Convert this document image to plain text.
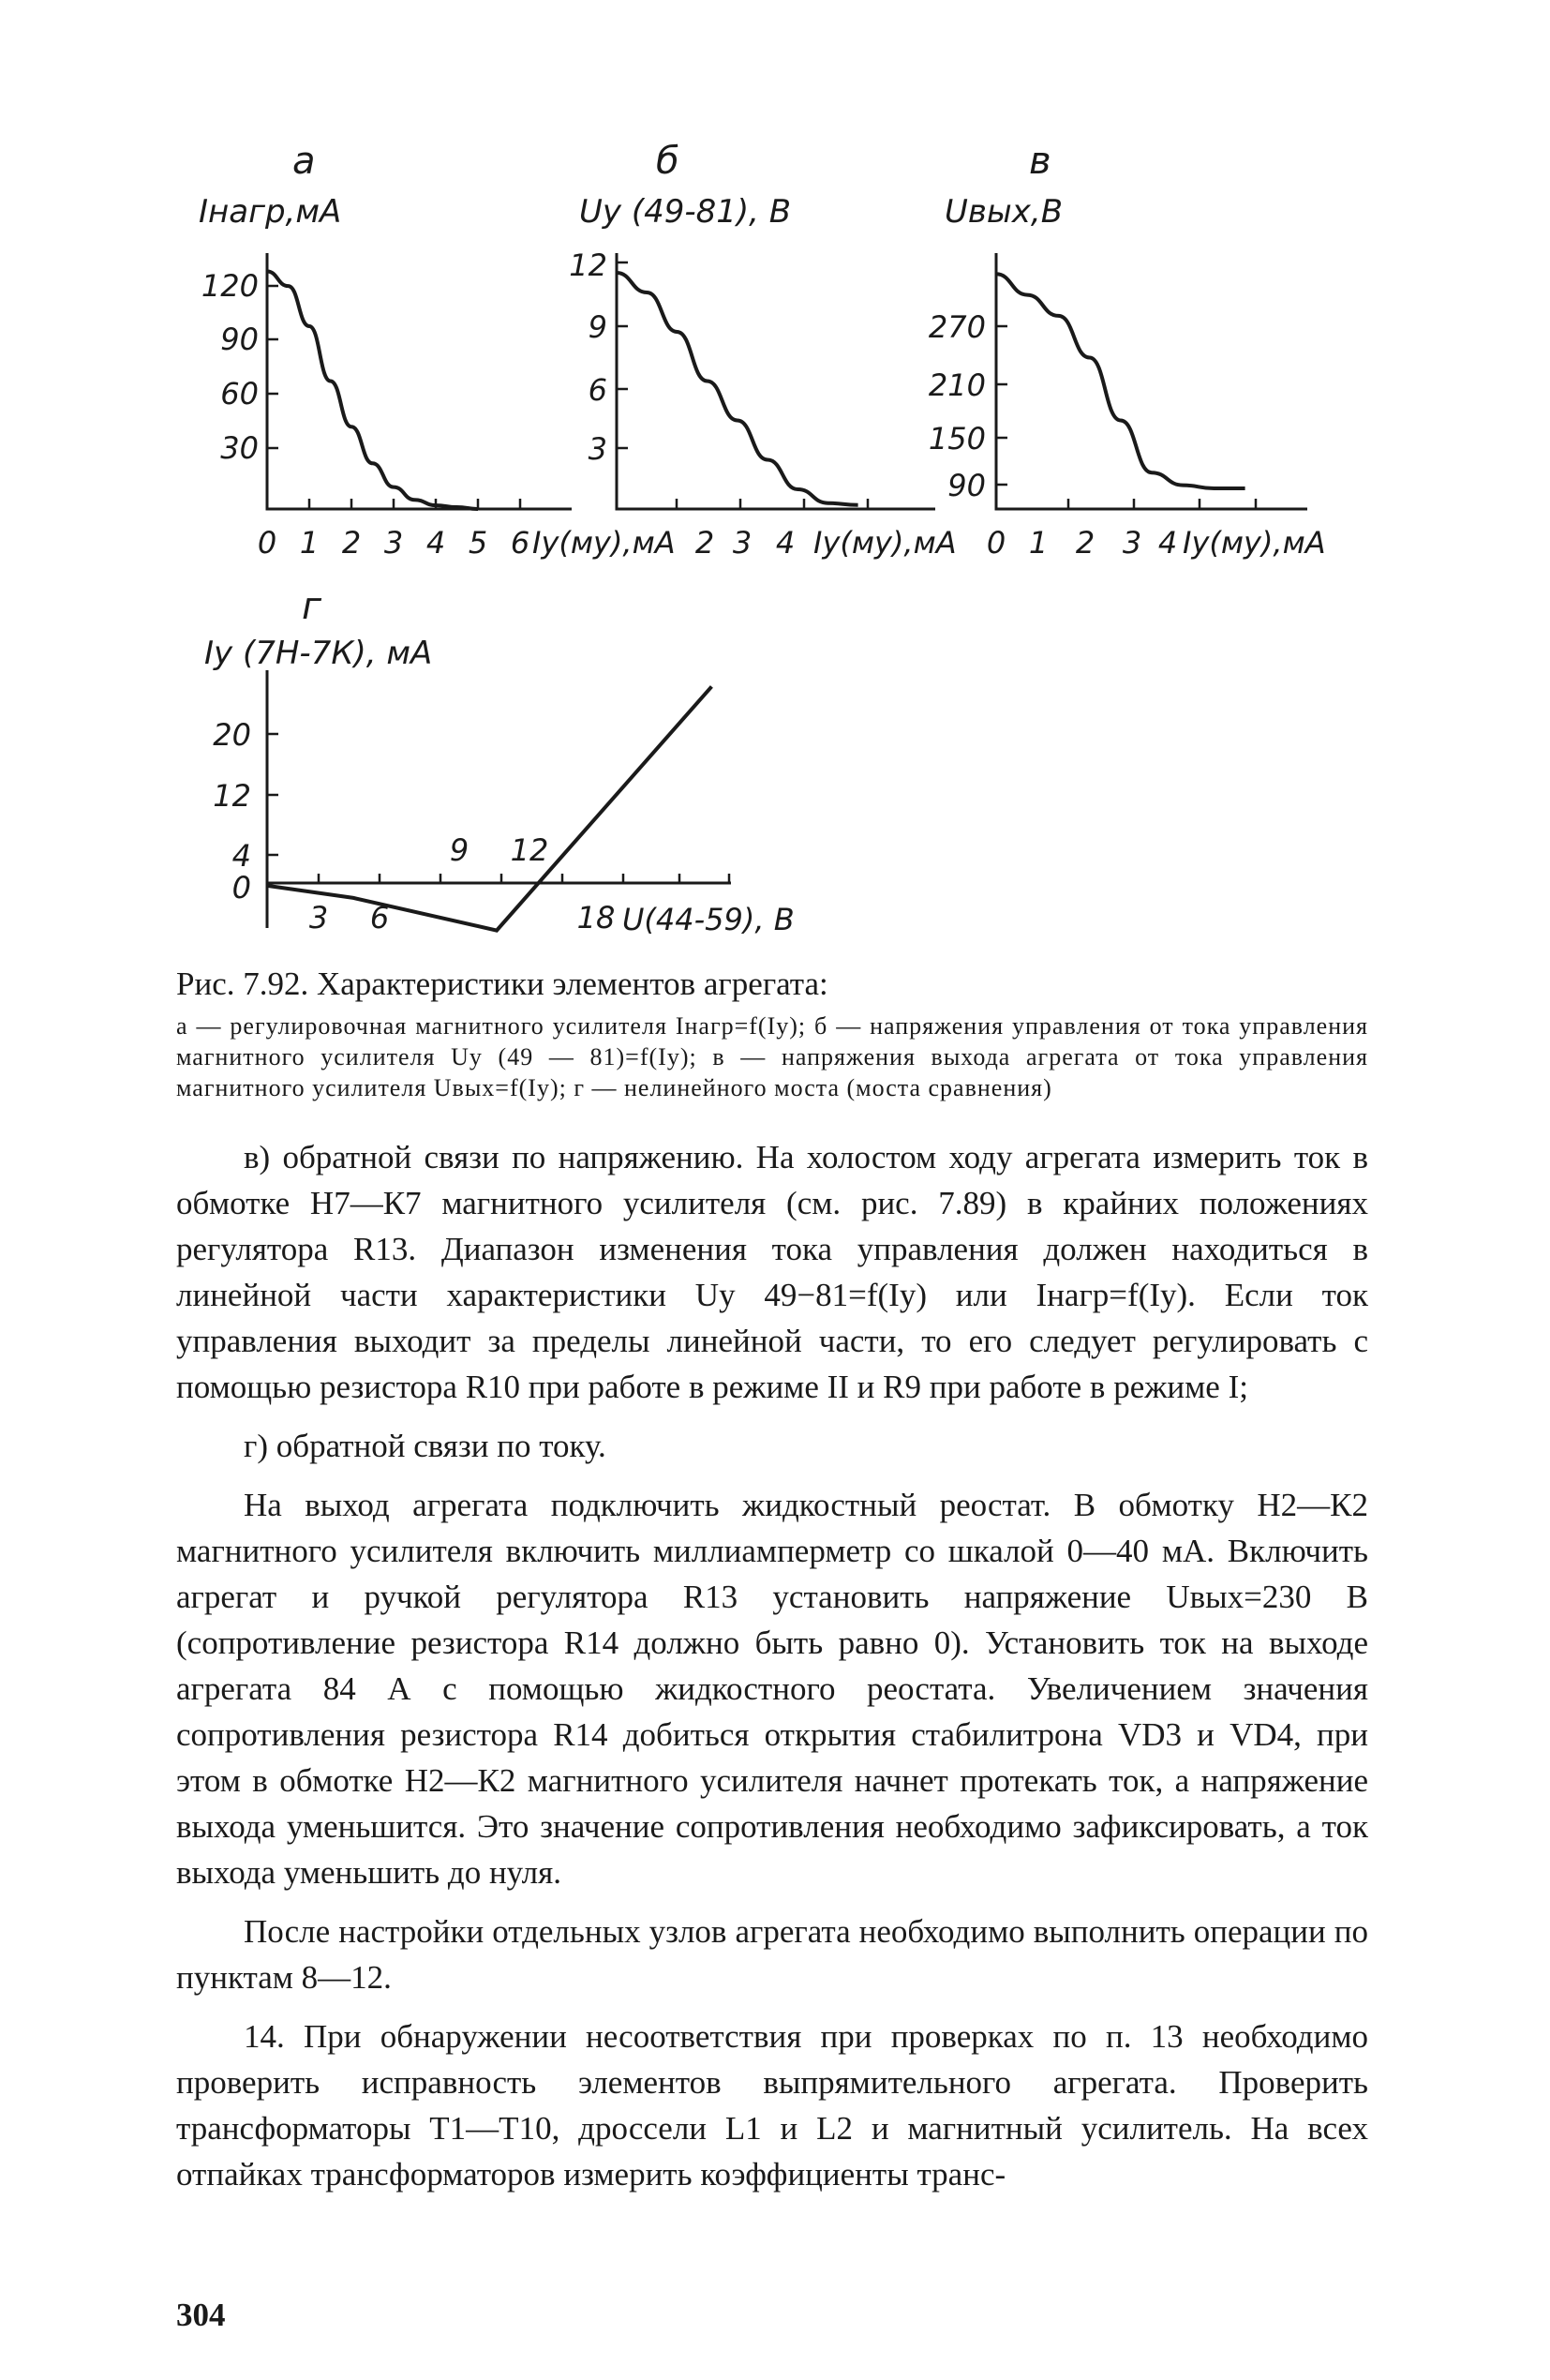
а
Iнагр,мА
120
90
60
30
0 1 2 3 4 5 6 Iу(му),мА
б
Uу (49-81), В
12
9
6
3
2 3 4 Iу(му),мА
в
Uвых,В
270
210
150
90
0 1 2 3 4 Iу(му),мА
г
Iу (7Н-7К), мА
20
12
4
0
3 6	18
9 12
U(44-59), В

Рис. 7.92. Характеристики элементов агрегата:

а — регулировочная магнитного усилителя Iнагр=f(Iу); б — напряжения управления от тока управления магнитного усилителя Uу (49 — 81)=f(Iу); в — напряжения выхода агрегата от тока управления магнитного усилителя Uвых=f(Iу); г — нелинейного моста (моста сравнения)

в) обратной связи по напряжению. На холостом ходу агрегата измерить ток в обмотке Н7—К7 магнитного усилителя (см. рис. 7.89) в крайних положениях регулятора R13. Диапазон изменения тока управления должен находиться в линейной части характеристики Uу 49−81=f(Iу) или Iнагр=f(Iу). Если ток управления выходит за пределы линейной части, то его следует регулировать с помощью резистора R10 при работе в режиме II и R9 при работе в режиме I;

г) обратной связи по току.

На выход агрегата подключить жидкостный реостат. В обмотку Н2—К2 магнитного усилителя включить миллиамперметр со шкалой 0—40 мА. Включить агрегат и ручкой регулятора R13 установить напряжение Uвых=230 В (сопротивление резистора R14 должно быть равно 0). Установить ток на выходе агрегата 84 А с помощью жидкостного реостата. Увеличением значения сопротивления резистора R14 добиться открытия стабилитрона VD3 и VD4, при этом в обмотке Н2—К2 магнитного усилителя начнет протекать ток, а напряжение выхода уменьшится. Это значение сопротивления необходимо зафиксировать, а ток выхода уменьшить до нуля.

После настройки отдельных узлов агрегата необходимо выполнить операции по пунктам 8—12.

14. При обнаружении несоответствия при проверках по п. 13 необходимо проверить исправность элементов выпрямительного агрегата. Проверить трансформаторы Т1—Т10, дроссели L1 и L2 и магнитный усилитель. На всех отпайках трансформаторов измерить коэффициенты транс-

304
